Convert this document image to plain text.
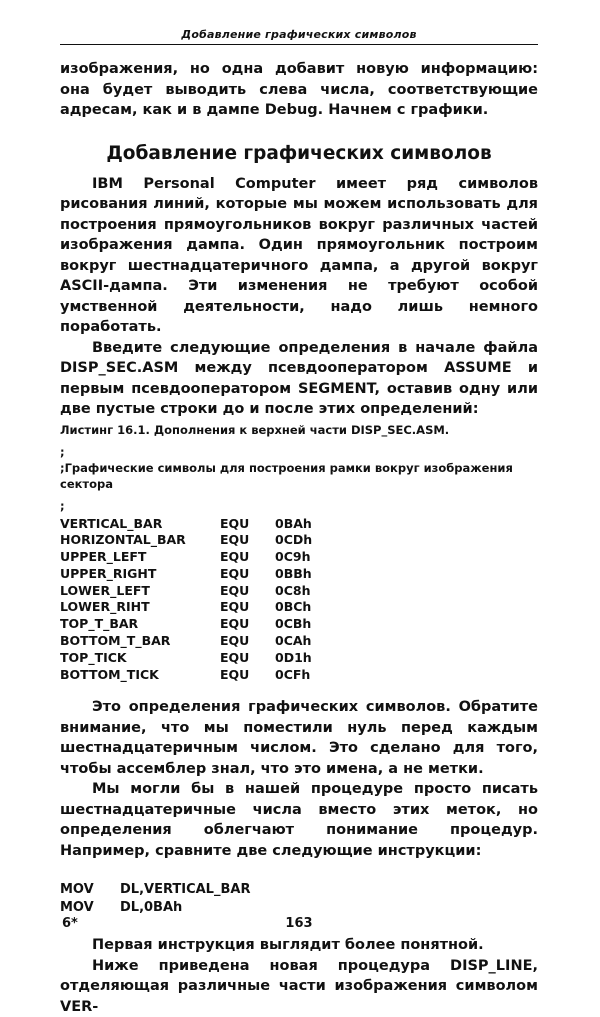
Добавление графических символов

изображения, но одна добавит новую информацию: она будет выводить слева числа, соответствующие адресам, как и в дампе Debug. Начнем с графики.

Добавление графических символов

IBM Personal Computer имеет ряд символов рисования линий, которые мы можем использовать для построения прямоугольников вокруг различных частей изображения дампа. Один прямоугольник построим вокруг шестнадцатеричного дампа, а другой вокруг ASCII-дампа. Эти изменения не требуют особой умственной деятельности, надо лишь немного поработать.

Введите следующие определения в начале файла DISP_SEC.ASM между псевдооператором ASSUME и первым псевдооператором SEGMENT, оставив одну или две пустые строки до и после этих определений:

Листинг 16.1. Дополнения к верхней части DISP_SEC.ASM.
;
;Графические символы для построения рамки вокруг изображения сектора
;
VERTICAL_BAR	EQU	0BAh
HORIZONTAL_BAR	EQU	0CDh
UPPER_LEFT	EQU	0C9h
UPPER_RIGHT	EQU	0BBh
LOWER_LEFT	EQU	0C8h
LOWER_RIHT	EQU	0BCh
TOP_T_BAR	EQU	0CBh
BOTTOM_T_BAR	EQU	0CAh
TOP_TICK	EQU	0D1h
BOTTOM_TICK	EQU	0CFh

Это определения графических символов. Обратите внимание, что мы поместили нуль перед каждым шестнадцатеричным числом. Это сделано для того, чтобы ассемблер знал, что это имена, а не метки.

Мы могли бы в нашей процедуре просто писать шестнадцатеричные числа вместо этих меток, но определения облегчают понимание процедур. Например, сравните две следующие инструкции:

MOV	DL,VERTICAL_BAR
MOV	DL,0BAh

Первая инструкция выглядит более понятной.

Ниже приведена новая процедура DISP_LINE, отделяющая различные части изображения символом VER-

6*	163
